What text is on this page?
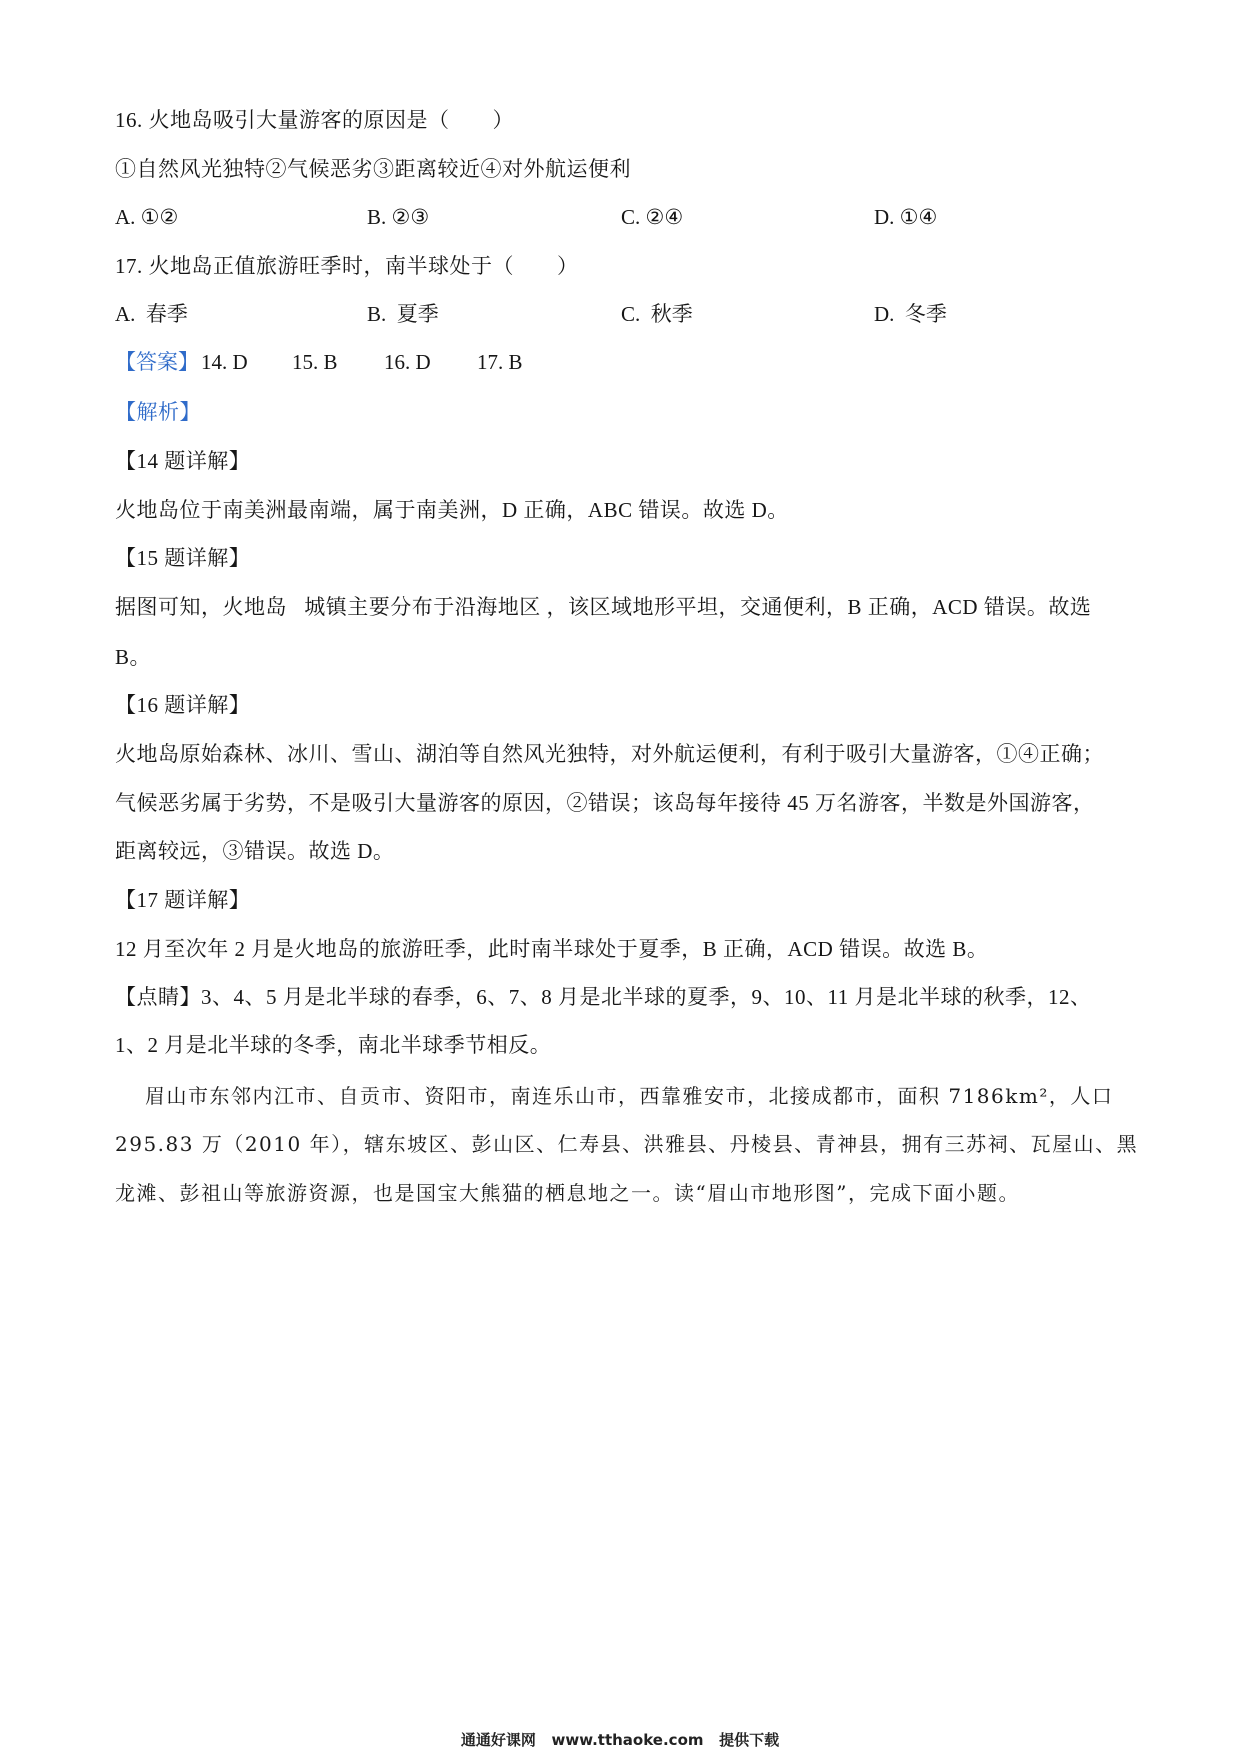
16. 火地岛吸引大量游客的原因是（　　）
①自然风光独特②气候恶劣③距离较近④对外航运便利
A. ①②	B. ②③	C. ②④	D. ①④
17. 火地岛正值旅游旺季时，南半球处于（　　）
A.  春季	B.  夏季	C.  秋季	D.  冬季
【答案】 14. D 15. B 16. D 17. B
【解析】
【14 题详解】
火地岛位于南美洲最南端，属于南美洲，D 正确，ABC 错误。故选 D。
【15 题详解】
据图可知，火地岛   城镇主要分布于沿海地区 ，该区域地形平坦，交通便利，B 正确，ACD 错误。故选
B。
【16 题详解】
火地岛原始森林、冰川、雪山、湖泊等自然风光独特，对外航运便利，有利于吸引大量游客，①④正确；
气候恶劣属于劣势，不是吸引大量游客的原因，②错误；该岛每年接待 45 万名游客，半数是外国游客，
距离较远，③错误。故选 D。
【17 题详解】
12 月至次年 2 月是火地岛的旅游旺季，此时南半球处于夏季，B 正确，ACD 错误。故选 B。
【点睛】3、4、5 月是北半球的春季，6、7、8 月是北半球的夏季，9、10、11 月是北半球的秋季，12、
1、2 月是北半球的冬季，南北半球季节相反。
眉山市东邻内江市、自贡市、资阳市，南连乐山市，西靠雅安市，北接成都市，面积 7186km²，人口
295.83 万（2010 年），辖东坡区、彭山区、仁寿县、洪雅县、丹棱县、青神县，拥有三苏祠、瓦屋山、黑
龙滩、彭祖山等旅游资源，也是国宝大熊猫的栖息地之一。读“眉山市地形图”，完成下面小题。
通通好课网   www.tthaoke.com   提供下载
